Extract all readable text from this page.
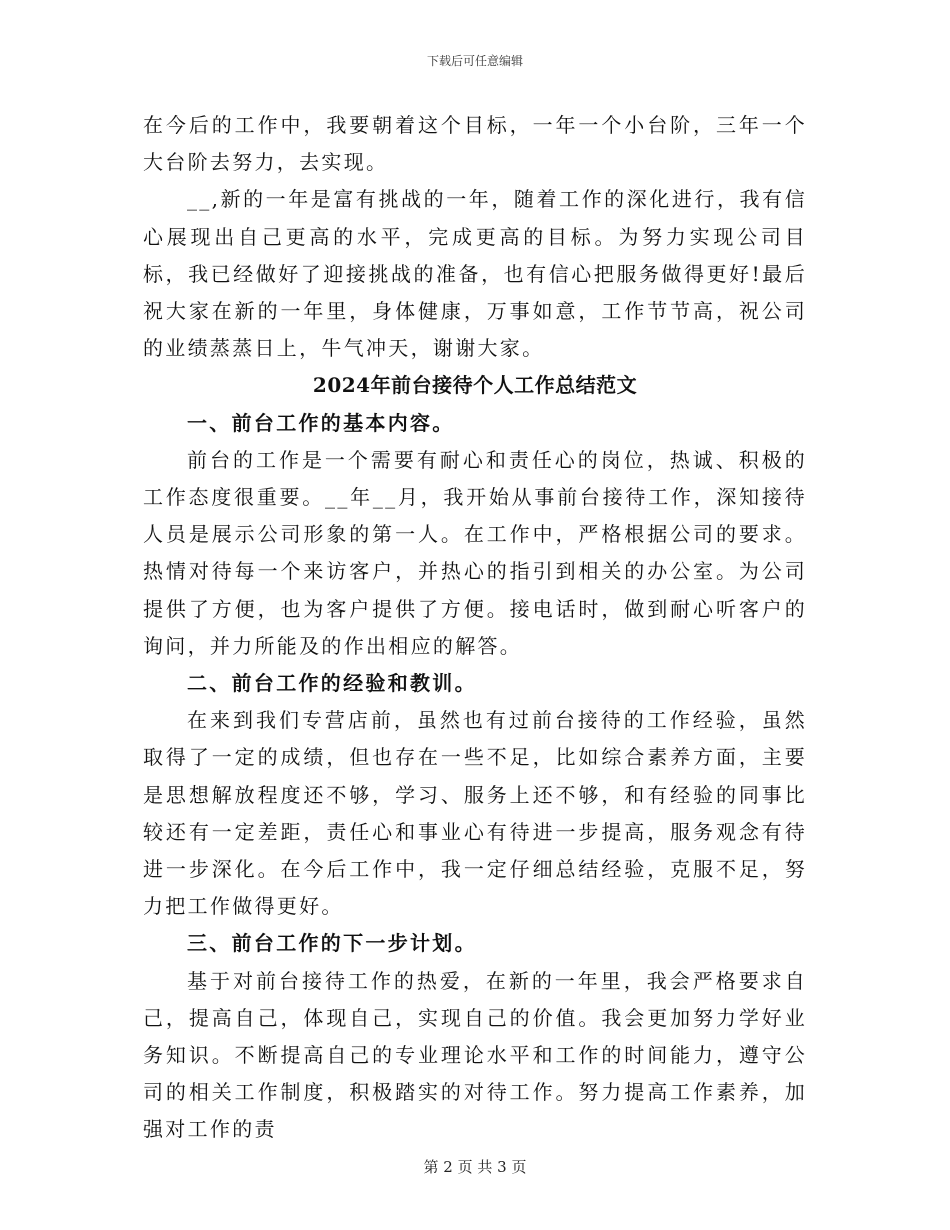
下载后可任意编辑

在今后的工作中，我要朝着这个目标，一年一个小台阶，三年一个大台阶去努力，去实现。

__,新的一年是富有挑战的一年，随着工作的深化进行，我有信心展现出自己更高的水平，完成更高的目标。为努力实现公司目标，我已经做好了迎接挑战的准备，也有信心把服务做得更好!最后祝大家在新的一年里，身体健康，万事如意，工作节节高，祝公司的业绩蒸蒸日上，牛气冲天，谢谢大家。

2024年前台接待个人工作总结范文

一、前台工作的基本内容。

前台的工作是一个需要有耐心和责任心的岗位，热诚、积极的工作态度很重要。__年__月，我开始从事前台接待工作，深知接待人员是展示公司形象的第一人。在工作中，严格根据公司的要求。热情对待每一个来访客户，并热心的指引到相关的办公室。为公司提供了方便，也为客户提供了方便。接电话时，做到耐心听客户的询问，并力所能及的作出相应的解答。

二、前台工作的经验和教训。

在来到我们专营店前，虽然也有过前台接待的工作经验，虽然取得了一定的成绩，但也存在一些不足，比如综合素养方面，主要是思想解放程度还不够，学习、服务上还不够，和有经验的同事比较还有一定差距，责任心和事业心有待进一步提高，服务观念有待进一步深化。在今后工作中，我一定仔细总结经验，克服不足，努力把工作做得更好。

三、前台工作的下一步计划。

基于对前台接待工作的热爱，在新的一年里，我会严格要求自己，提高自己，体现自己，实现自己的价值。我会更加努力学好业务知识。不断提高自己的专业理论水平和工作的时间能力，遵守公司的相关工作制度，积极踏实的对待工作。努力提高工作素养，加强对工作的责

第 2 页 共 3 页
